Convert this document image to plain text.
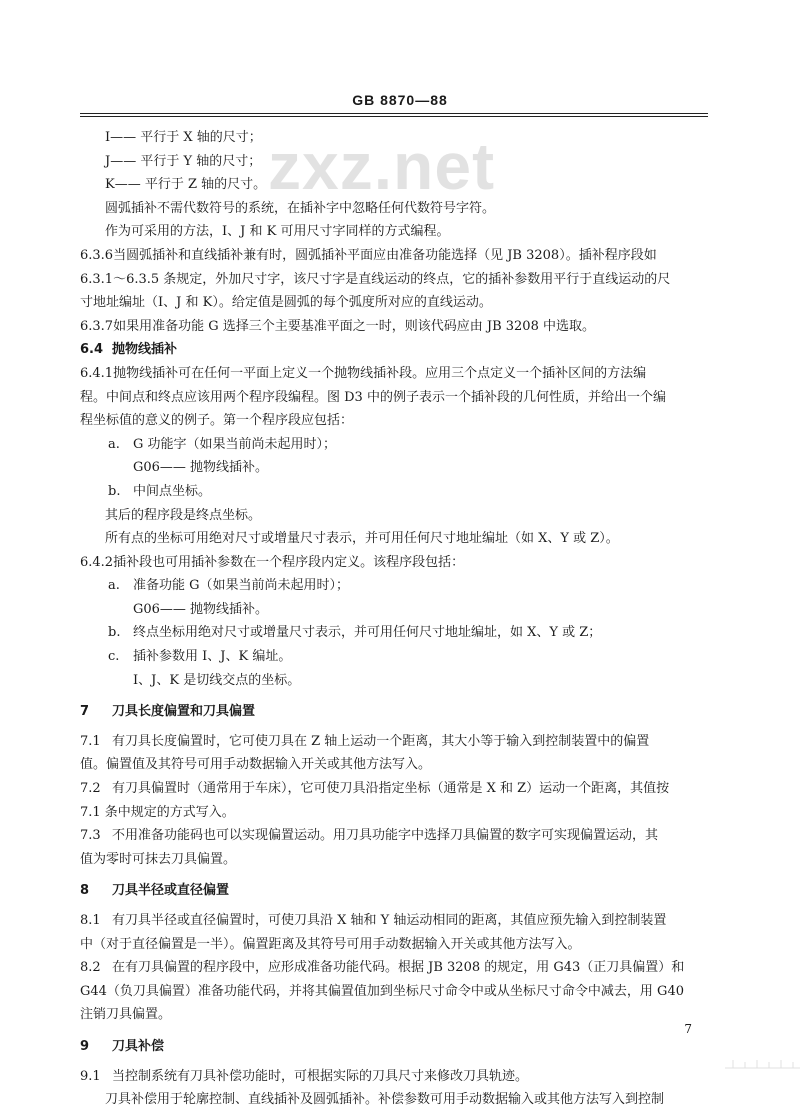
GB 8870—88
zxz.net
I—— 平行于 X 轴的尺寸；
J—— 平行于 Y 轴的尺寸；
K—— 平行于 Z 轴的尺寸。
圆弧插补不需代数符号的系统，在插补字中忽略任何代数符号字符。
作为可采用的方法，I、J 和 K 可用尺寸字同样的方式编程。
6.3.6当圆弧插补和直线插补兼有时，圆弧插补平面应由准备功能选择（见 JB 3208）。插补程序段如
6.3.1～6.3.5 条规定，外加尺寸字，该尺寸字是直线运动的终点，它的插补参数用平行于直线运动的尺
寸地址编址（I、J 和 K）。给定值是圆弧的每个弧度所对应的直线运动。
6.3.7如果用准备功能 G 选择三个主要基准平面之一时，则该代码应由 JB 3208 中选取。
6.4 抛物线插补
6.4.1抛物线插补可在任何一平面上定义一个抛物线插补段。应用三个点定义一个插补区间的方法编
程。中间点和终点应该用两个程序段编程。图 D3 中的例子表示一个插补段的几何性质，并给出一个编
程坐标值的意义的例子。第一个程序段应包括：
a. G 功能字（如果当前尚未起用时）；
G06—— 抛物线插补。
b. 中间点坐标。
其后的程序段是终点坐标。
所有点的坐标可用绝对尺寸或增量尺寸表示，并可用任何尺寸地址编址（如 X、Y 或 Z）。
6.4.2插补段也可用插补参数在一个程序段内定义。该程序段包括：
a. 准备功能 G（如果当前尚未起用时）；
G06—— 抛物线插补。
b. 终点坐标用绝对尺寸或增量尺寸表示，并可用任何尺寸地址编址，如 X、Y 或 Z；
c. 插补参数用 I、J、K 编址。
I、J、K 是切线交点的坐标。
7 刀具长度偏置和刀具偏置
7.1 有刀具长度偏置时，它可使刀具在 Z 轴上运动一个距离，其大小等于输入到控制装置中的偏置
值。偏置值及其符号可用手动数据输入开关或其他方法写入。
7.2 有刀具偏置时（通常用于车床），它可使刀具沿指定坐标（通常是 X 和 Z）运动一个距离，其值按
7.1 条中规定的方式写入。
7.3 不用准备功能码也可以实现偏置运动。用刀具功能字中选择刀具偏置的数字可实现偏置运动，其
值为零时可抹去刀具偏置。
8 刀具半径或直径偏置
8.1 有刀具半径或直径偏置时，可使刀具沿 X 轴和 Y 轴运动相同的距离，其值应预先输入到控制装置
中（对于直径偏置是一半）。偏置距离及其符号可用手动数据输入开关或其他方法写入。
8.2 在有刀具偏置的程序段中，应形成准备功能代码。根据 JB 3208 的规定，用 G43（正刀具偏置）和
G44（负刀具偏置）准备功能代码，并将其偏置值加到坐标尺寸命令中或从坐标尺寸命令中减去，用 G40
注销刀具偏置。
9 刀具补偿
9.1 当控制系统有刀具补偿功能时，可根据实际的刀具尺寸来修改刀具轨迹。
刀具补偿用于轮廓控制、直线插补及圆弧插补。补偿参数可用手动数据输入或其他方法写入到控制
7
